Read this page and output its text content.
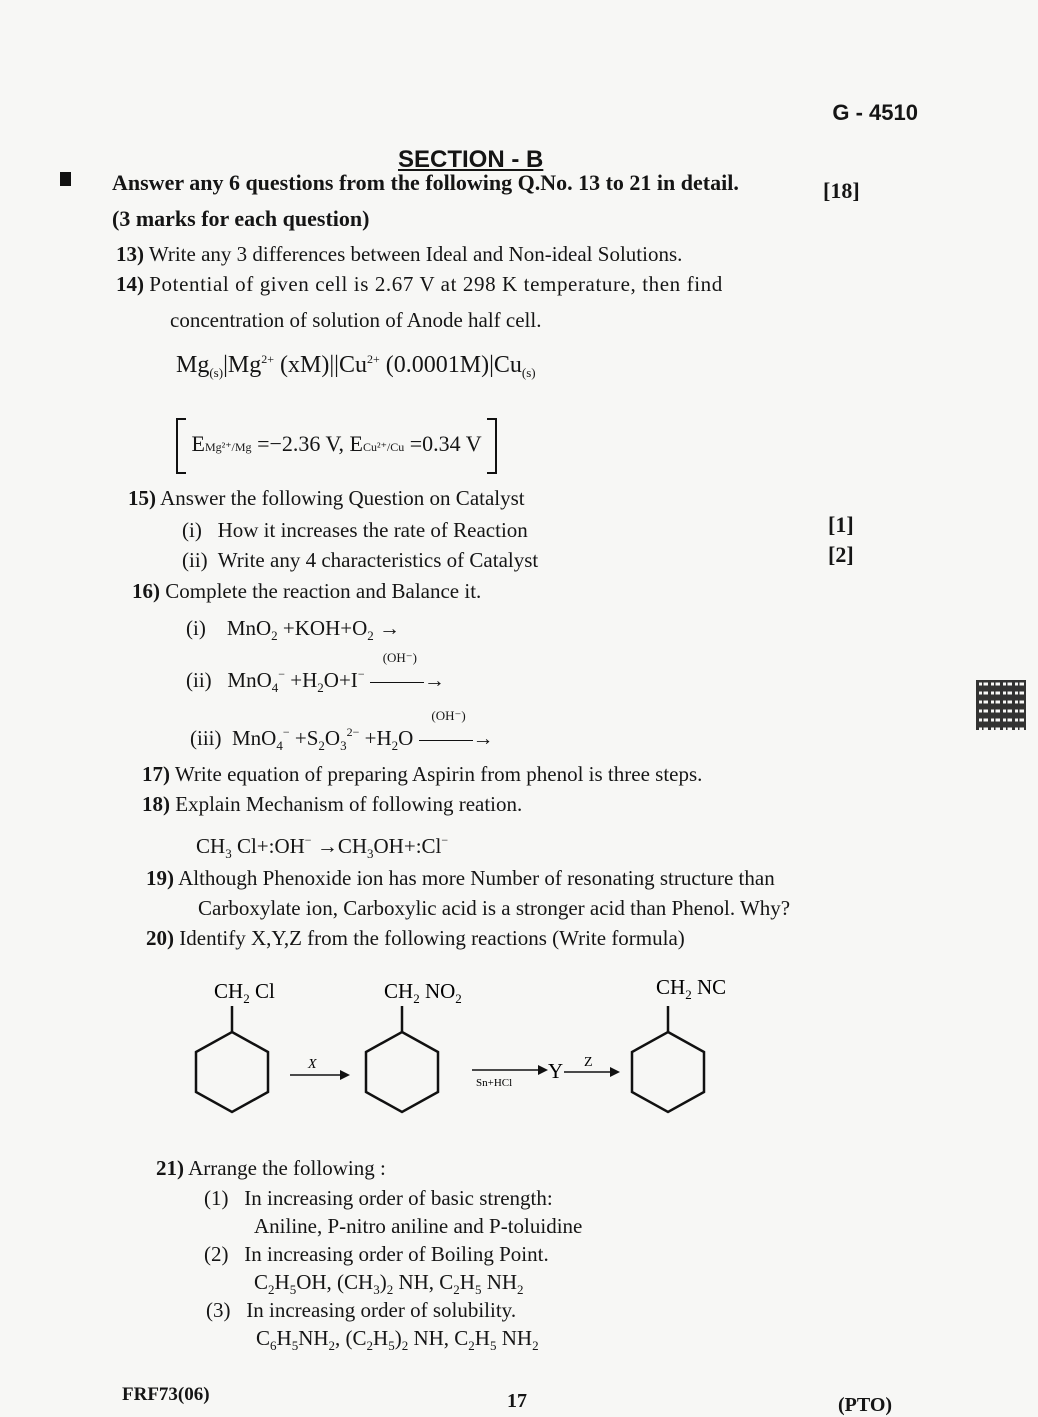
G - 4510
SECTION - B
Answer any 6 questions from the following Q.No. 13 to 21 in detail.	[18]
(3 marks for each question)
13) Write any 3 differences between Ideal and Non-ideal Solutions.
14) Potential of given cell is 2.67 V at 298 K temperature, then find
concentration of solution of Anode half cell.
$Mg_{(s)}|Mg^{2+}$ $(xM)||Cu^{2+}$ $(0.0001M)|Cu_{(s)}$
EMg²⁺/Mg =−2.36 V, ECu²⁺/Cu =0.34 V
15) Answer the following Question on Catalyst
(i) How it increases the rate of Reaction	[1]
(ii) Write any 4 characteristics of Catalyst	[2]
16) Complete the reaction and Balance it.
(i)    $MnO_2 +KOH+O_2$ →
(ii)   $MnO_4^- +H_2O+I^-$
(OH⁻)
→
(iii)  $MnO_4^- +S_2O_3^{2-} +H_2O$
(OH⁻)
→
17) Write equation of preparing Aspirin from phenol is three steps.
18) Explain Mechanism of following reation.
$CH_3$ Cl+:OH− $\to CH_3OH+:Cl^-$
19) Although Phenoxide ion has more Number of resonating structure than
Carboxylate ion, Carboxylic acid is a stronger acid than Phenol. Why?
20) Identify X,Y,Z from the following reactions (Write formula)
$CH_2$ Cl
X
$CH_2$ $NO_2$
Sn+HCl Y Z
$CH_2$ NC
21) Arrange the following :
(1) In increasing order of basic strength:
Aniline, P-nitro aniline and P-toluidine
(2) In increasing order of Boiling Point.
$C_2H_5OH$, $(CH_3)_2$ NH, $C_2H_5$ $NH_2$
(3) In increasing order of solubility.
$C_6H_5NH_2$, $(C_2H_5)_2$ NH, $C_2H_5$ $NH_2$
FRF73(06)	17	(PTO)
